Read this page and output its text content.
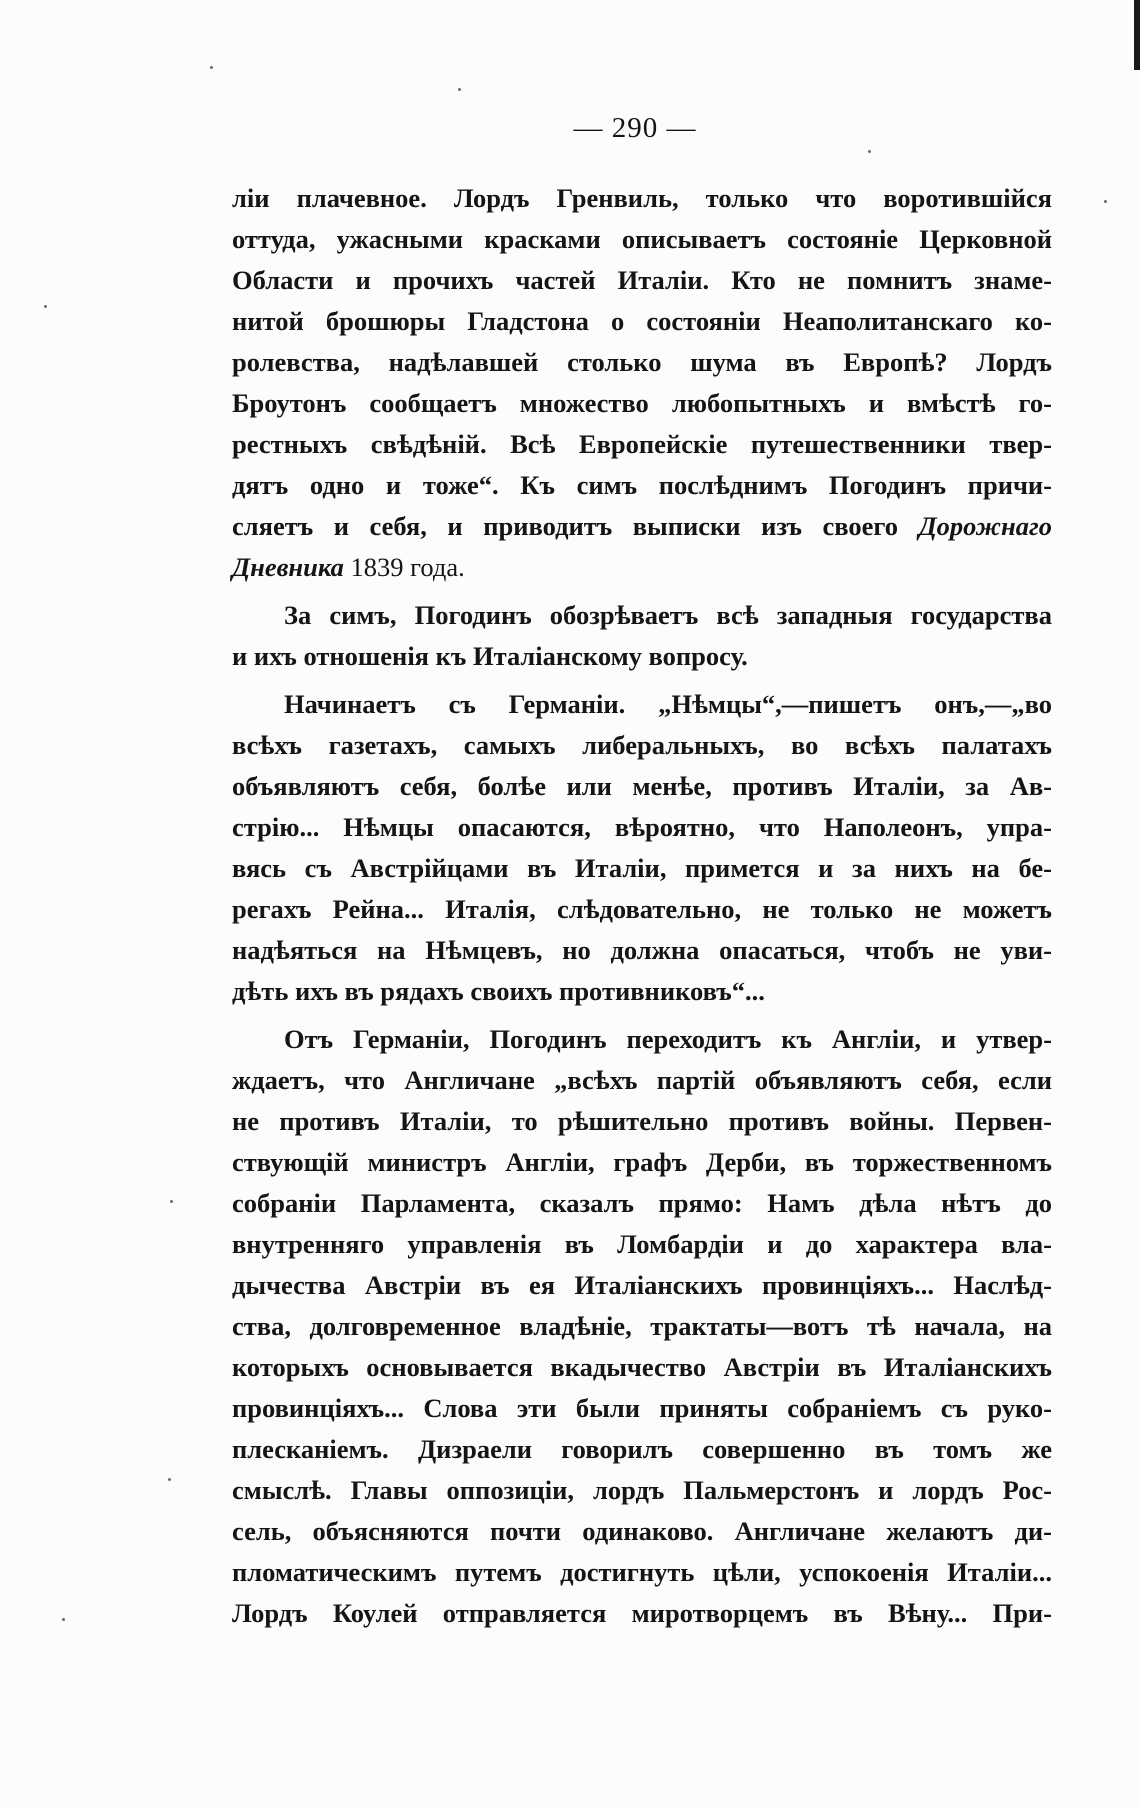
— 290 —
лiи плачевное. Лордъ Гренвиль, только что воротившiйся
оттуда, ужасными красками описываетъ состоянiе Церковной
Области и прочихъ частей Италiи. Кто не помнитъ знаме-
нитой брошюры Гладстона о состоянiи Неаполитанскаго ко-
ролевства, надѣлавшей столько шума въ Европѣ? Лордъ
Броутонъ сообщаетъ множество любопытныхъ и вмѣстѣ го-
рестныхъ свѣдѣнiй. Всѣ Европейскiе путешественники твер-
дятъ одно и тоже“. Къ симъ послѣднимъ Погодинъ причи-
сляетъ и себя, и приводитъ выписки изъ своего Дорожнаго
Дневника 1839 года.
За симъ, Погодинъ обозрѣваетъ всѣ западныя государства
и ихъ отношенiя къ Италiанскому вопросу.
Начинаетъ съ Германiи. „Нѣмцы“,—пишетъ онъ,—„во
всѣхъ газетахъ, самыхъ либеральныхъ, во всѣхъ палатахъ
объявляютъ себя, болѣе или менѣе, противъ Италiи, за Ав-
стрiю... Нѣмцы опасаются, вѣроятно, что Наполеонъ, упра-
вясь съ Австрiйцами въ Италiи, примется и за нихъ на бе-
регахъ Рейна... Италiя, слѣдовательно, не только не можетъ
надѣяться на Нѣмцевъ, но должна опасаться, чтобъ не уви-
дѣть ихъ въ рядахъ своихъ противниковъ“...
Отъ Германiи, Погодинъ переходитъ къ Англiи, и утвер-
ждаетъ, что Англичане „всѣхъ партiй объявляютъ себя, если
не противъ Италiи, то рѣшительно противъ войны. Первен-
ствующiй министръ Англiи, графъ Дерби, въ торжественномъ
собранiи Парламента, сказалъ прямо: Намъ дѣла нѣтъ до
внутренняго управленiя въ Ломбардiи и до характера вла-
дычества Австрiи въ ея Италiанскихъ провинцiяхъ... Наслѣд-
ства, долговременное владѣнiе, трактаты—вотъ тѣ начала, на
которыхъ основывается вкадычество Австрiи въ Италiанскихъ
провинцiяхъ... Слова эти были приняты собранiемъ съ руко-
плесканiемъ. Дизраели говорилъ совершенно въ томъ же
смыслѣ. Главы оппозицiи, лордъ Пальмерстонъ и лордъ Рос-
сель, объясняются почти одинаково. Англичане желаютъ ди-
пломатическимъ путемъ достигнуть цѣли, успокоенiя Италiи...
Лордъ Коулей отправляется миротворцемъ въ Вѣну... При-
